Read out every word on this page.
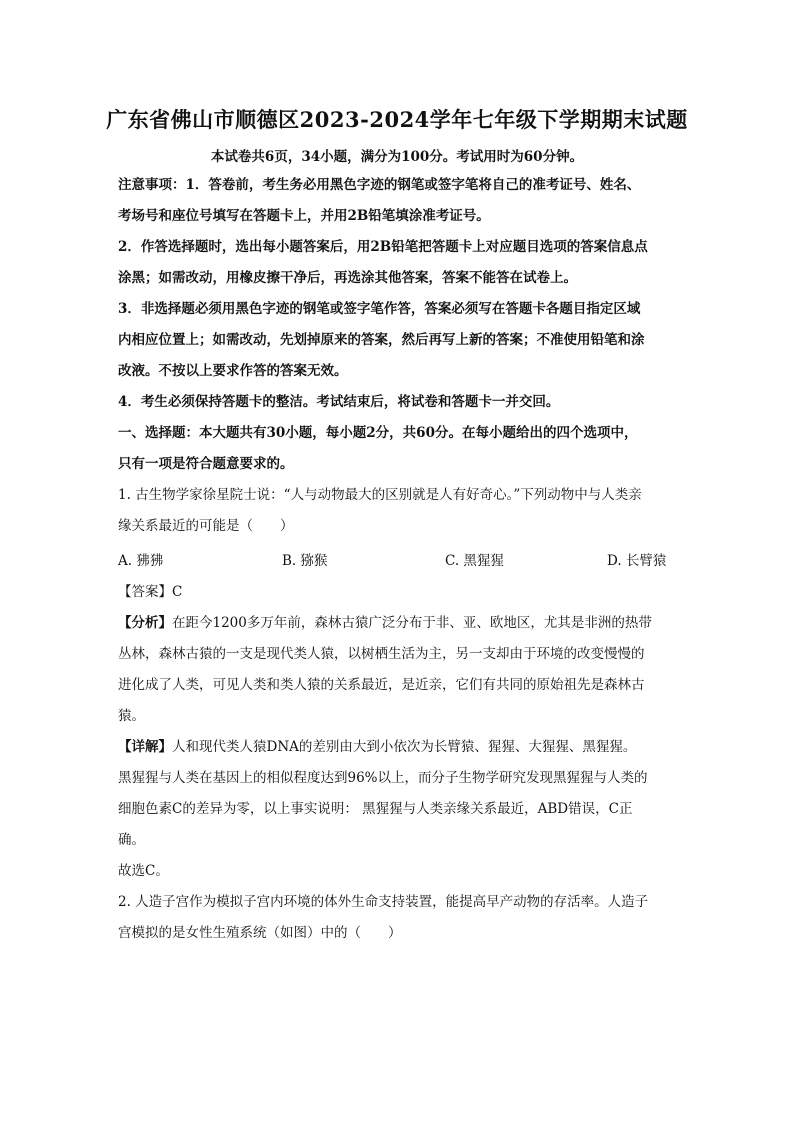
广东省佛山市顺德区2023-2024学年七年级下学期期末试题
本试卷共6页，34小题，满分为100分。考试用时为60分钟。
注意事项：1．答卷前，考生务必用黑色字迹的钢笔或签字笔将自己的准考证号、姓名、
考场号和座位号填写在答题卡上，并用2B铅笔填涂准考证号。
2．作答选择题时，选出每小题答案后，用2B铅笔把答题卡上对应题目选项的答案信息点
涂黑；如需改动，用橡皮擦干净后，再选涂其他答案，答案不能答在试卷上。
3．非选择题必须用黑色字迹的钢笔或签字笔作答，答案必须写在答题卡各题目指定区域
内相应位置上；如需改动，先划掉原来的答案，然后再写上新的答案；不准使用铅笔和涂
改液。不按以上要求作答的答案无效。
4．考生必须保持答题卡的整洁。考试结束后，将试卷和答题卡一并交回。
一、选择题：本大题共有30小题，每小题2分，共60分。在每小题给出的四个选项中，
只有一项是符合题意要求的。
1. 古生物学家徐星院士说：“人与动物最大的区别就是人有好奇心。”下列动物中与人类亲
缘关系最近的可能是（　　）
A. 狒狒	B. 猕猴	C. 黑猩猩	D. 长臂猿
【答案】C
【分析】在距今1200多万年前，森林古猿广泛分布于非、亚、欧地区，尤其是非洲的热带
丛林，森林古猿的一支是现代类人猿，以树栖生活为主，另一支却由于环境的改变慢慢的
进化成了人类，可见人类和类人猿的关系最近，是近亲，它们有共同的原始祖先是森林古
猿。
【详解】人和现代类人猿DNA的差别由大到小依次为长臂猿、猩猩、大猩猩、黑猩猩。
黑猩猩与人类在基因上的相似程度达到96%以上，而分子生物学研究发现黑猩猩与人类的
细胞色素C的差异为零，以上事实说明： 黑猩猩与人类亲缘关系最近，ABD错误，C正
确。
故选C。
2. 人造子宫作为模拟子宫内环境的体外生命支持装置，能提高早产动物的存活率。人造子
宫模拟的是女性生殖系统（如图）中的（　　）
